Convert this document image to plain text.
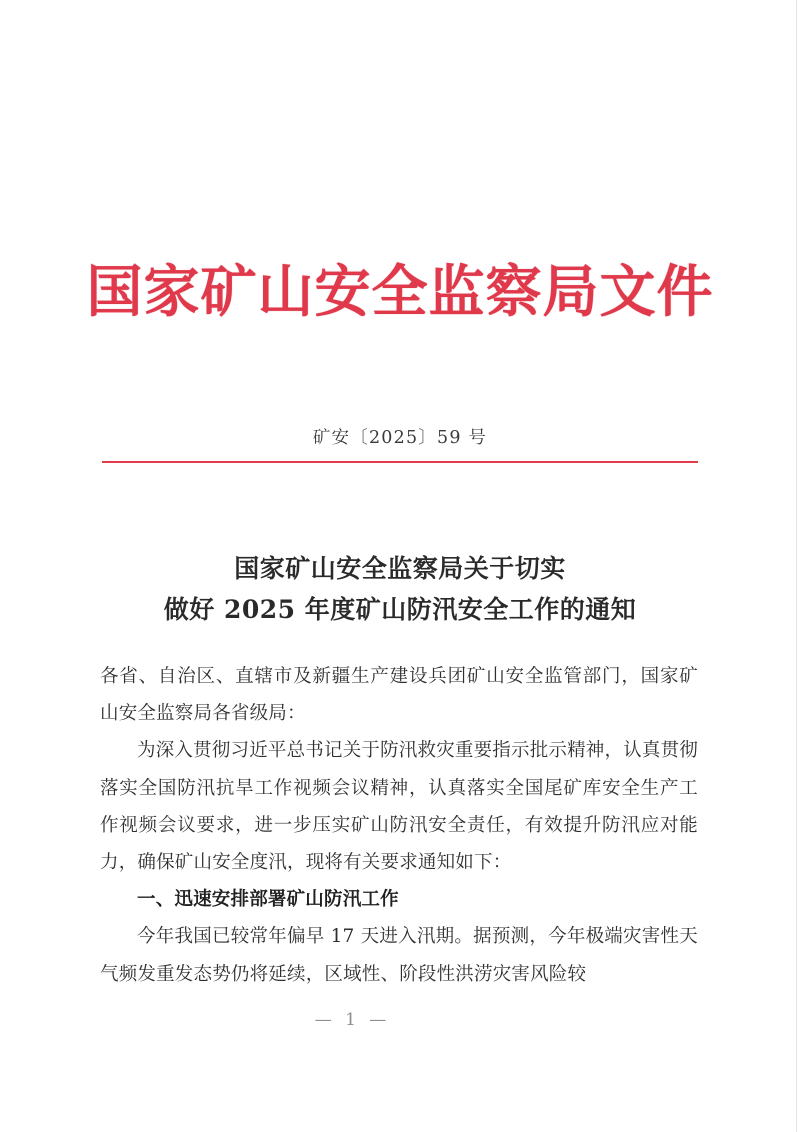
国家矿山安全监察局文件
矿安〔2025〕59 号
国家矿山安全监察局关于切实
做好 2025 年度矿山防汛安全工作的通知

各省、自治区、直辖市及新疆生产建设兵团矿山安全监管部门，国家矿山安全监察局各省级局：

为深入贯彻习近平总书记关于防汛救灾重要指示批示精神，认真贯彻落实全国防汛抗旱工作视频会议精神，认真落实全国尾矿库安全生产工作视频会议要求，进一步压实矿山防汛安全责任，有效提升防汛应对能力，确保矿山安全度汛，现将有关要求通知如下：

一、迅速安排部署矿山防汛工作

今年我国已较常年偏早 17 天进入汛期。据预测，今年极端灾害性天气频发重发态势仍将延续，区域性、阶段性洪涝灾害风险较

— 1 —
